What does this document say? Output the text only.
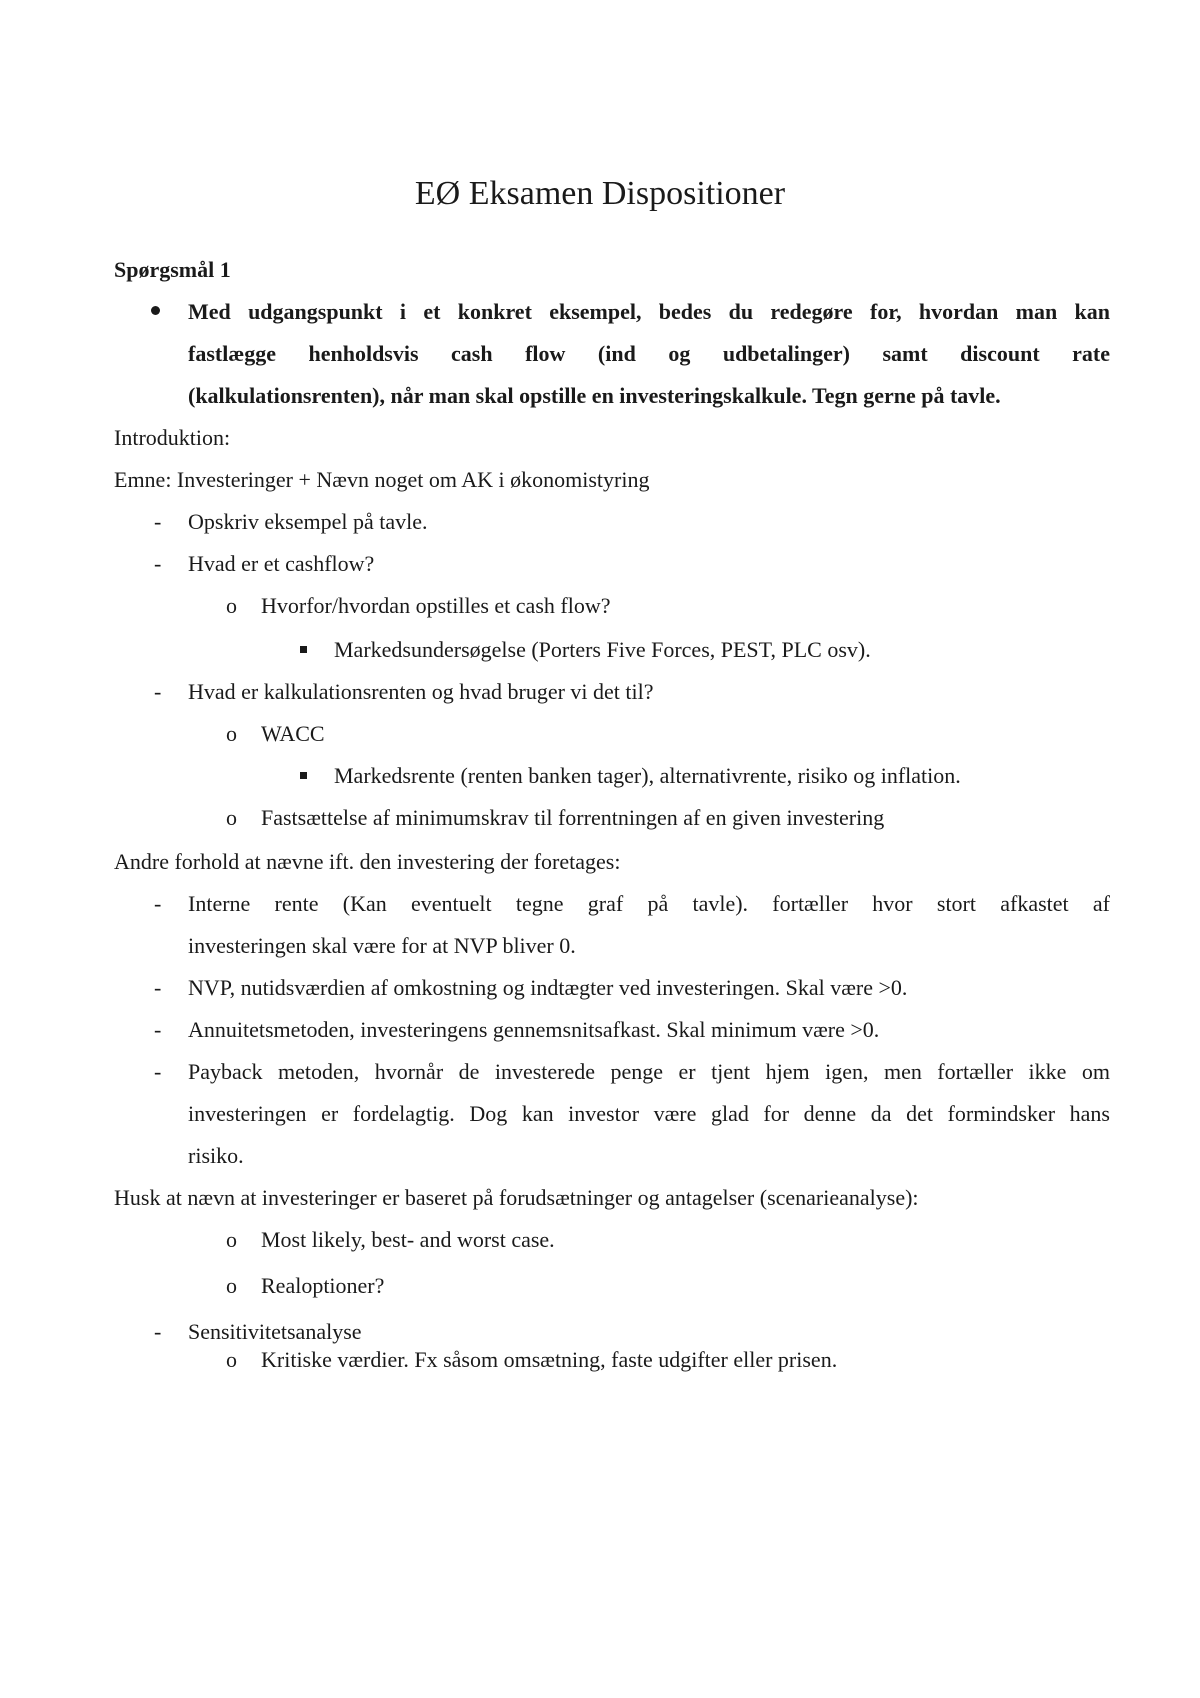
EØ Eksamen Dispositioner
Spørgsmål 1
Med udgangspunkt i et konkret eksempel, bedes du redegøre for, hvordan man kan
fastlægge henholdsvis cash flow (ind og udbetalinger) samt discount rate
(kalkulationsrenten), når man skal opstille en investeringskalkule. Tegn gerne på tavle.
Introduktion:
Emne: Investeringer + Nævn noget om AK i økonomistyring
- Opskriv eksempel på tavle.
- Hvad er et cashflow?
o Hvorfor/hvordan opstilles et cash flow?
Markedsundersøgelse (Porters Five Forces, PEST, PLC osv).
- Hvad er kalkulationsrenten og hvad bruger vi det til?
o WACC
Markedsrente (renten banken tager), alternativrente, risiko og inflation.
o Fastsættelse af minimumskrav til forrentningen af en given investering
Andre forhold at nævne ift. den investering der foretages:
- Interne rente (Kan eventuelt tegne graf på tavle). fortæller hvor stort afkastet af
investeringen skal være for at NVP bliver 0.
- NVP, nutidsværdien af omkostning og indtægter ved investeringen. Skal være >0.
- Annuitetsmetoden, investeringens gennemsnitsafkast. Skal minimum være >0.
- Payback metoden, hvornår de investerede penge er tjent hjem igen, men fortæller ikke om
investeringen er fordelagtig. Dog kan investor være glad for denne da det formindsker hans
risiko.
Husk at nævn at investeringer er baseret på forudsætninger og antagelser (scenarieanalyse):
o Most likely, best- and worst case.
o Realoptioner?
- Sensitivitetsanalyse
o Kritiske værdier. Fx såsom omsætning, faste udgifter eller prisen.
